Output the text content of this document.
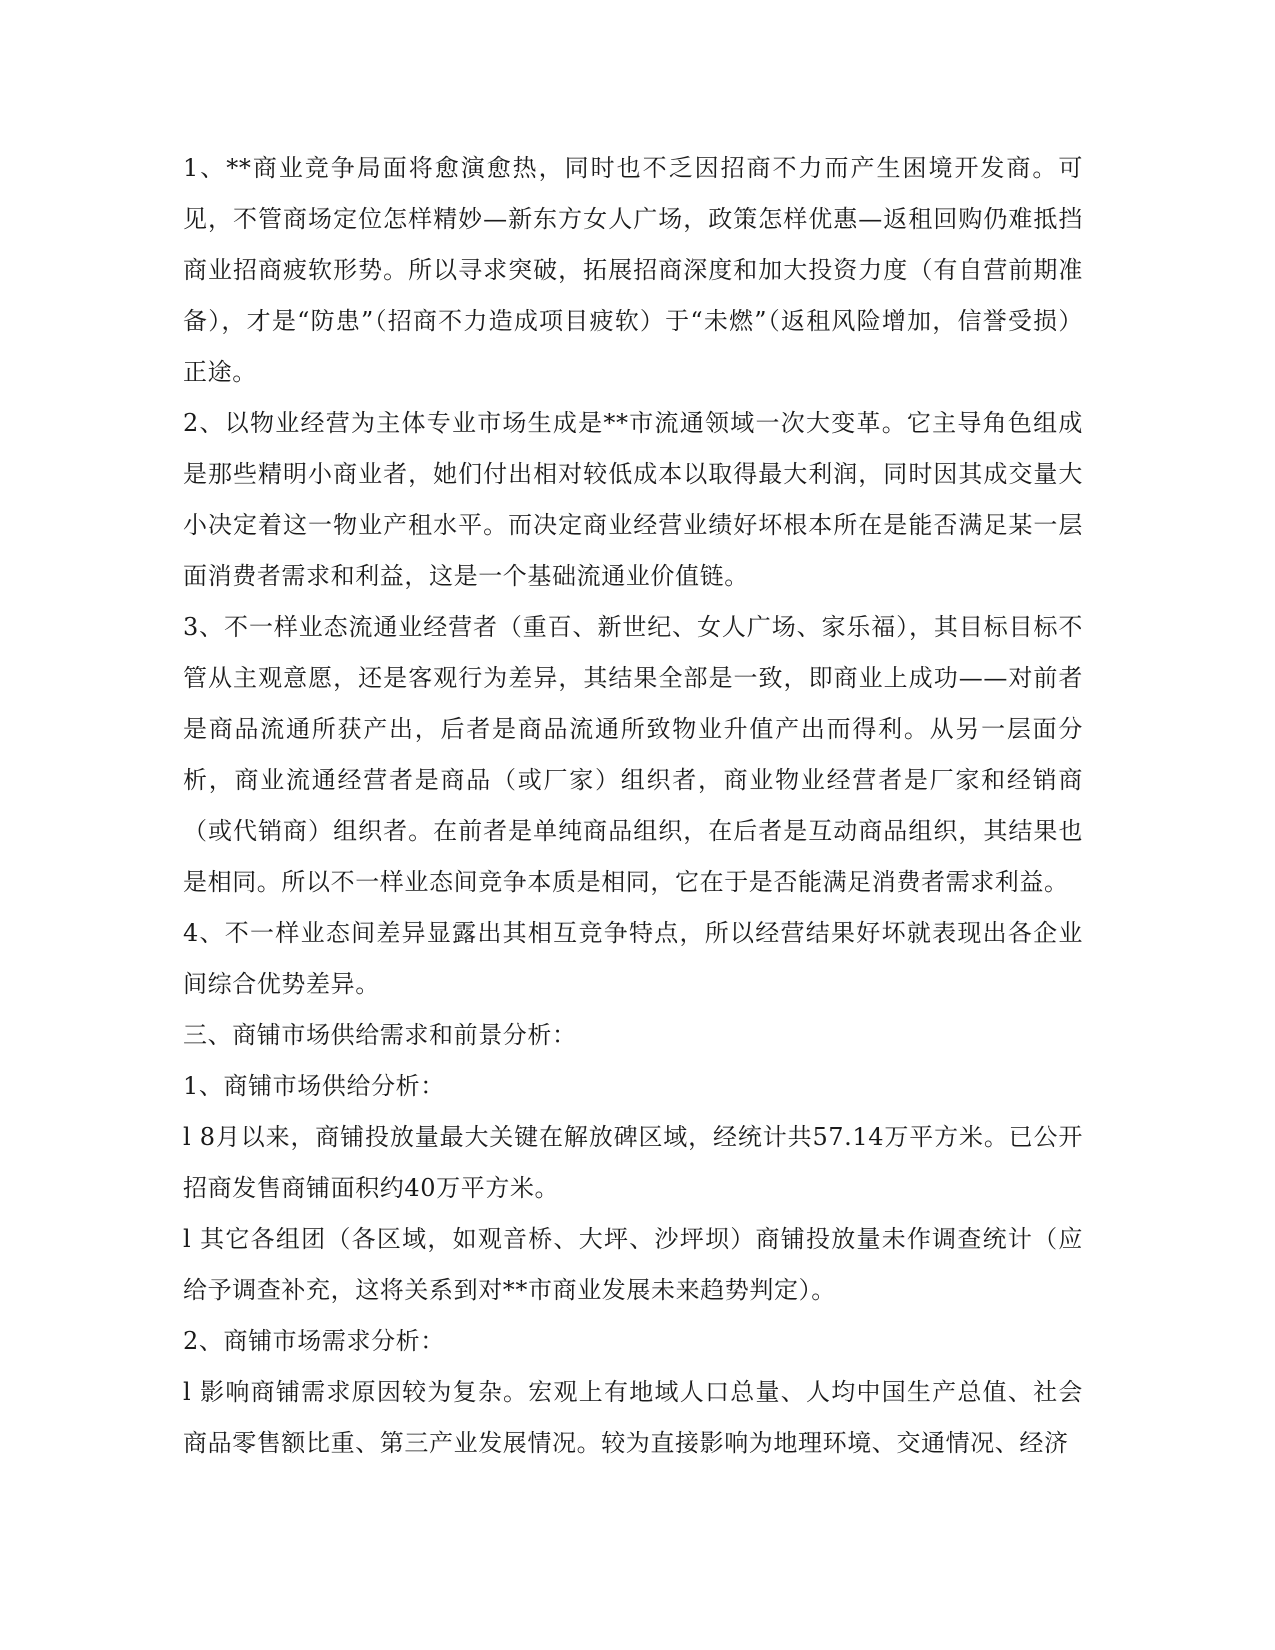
1、**商业竞争局面将愈演愈热，同时也不乏因招商不力而产生困境开发商。可见，不管商场定位怎样精妙—新东方女人广场，政策怎样优惠—返租回购仍难抵挡商业招商疲软形势。所以寻求突破，拓展招商深度和加大投资力度（有自营前期准备），才是“防患”（招商不力造成项目疲软）于“未燃”（返租风险增加，信誉受损）正途。

2、以物业经营为主体专业市场生成是**市流通领域一次大变革。它主导角色组成是那些精明小商业者，她们付出相对较低成本以取得最大利润，同时因其成交量大小决定着这一物业产租水平。而决定商业经营业绩好坏根本所在是能否满足某一层面消费者需求和利益，这是一个基础流通业价值链。

3、不一样业态流通业经营者（重百、新世纪、女人广场、家乐福），其目标目标不管从主观意愿，还是客观行为差异，其结果全部是一致，即商业上成功——对前者是商品流通所获产出，后者是商品流通所致物业升值产出而得利。从另一层面分析，商业流通经营者是商品（或厂家）组织者，商业物业经营者是厂家和经销商（或代销商）组织者。在前者是单纯商品组织，在后者是互动商品组织，其结果也是相同。所以不一样业态间竞争本质是相同，它在于是否能满足消费者需求利益。

4、不一样业态间差异显露出其相互竞争特点，所以经营结果好坏就表现出各企业间综合优势差异。

三、商铺市场供给需求和前景分析：

1、商铺市场供给分析：

l 8月以来，商铺投放量最大关键在解放碑区域，经统计共57.14万平方米。已公开招商发售商铺面积约40万平方米。

l 其它各组团（各区域，如观音桥、大坪、沙坪坝）商铺投放量未作调查统计（应给予调查补充，这将关系到对**市商业发展未来趋势判定）。

2、商铺市场需求分析：

l 影响商铺需求原因较为复杂。宏观上有地域人口总量、人均中国生产总值、社会商品零售额比重、第三产业发展情况。较为直接影响为地理环境、交通情况、经济
